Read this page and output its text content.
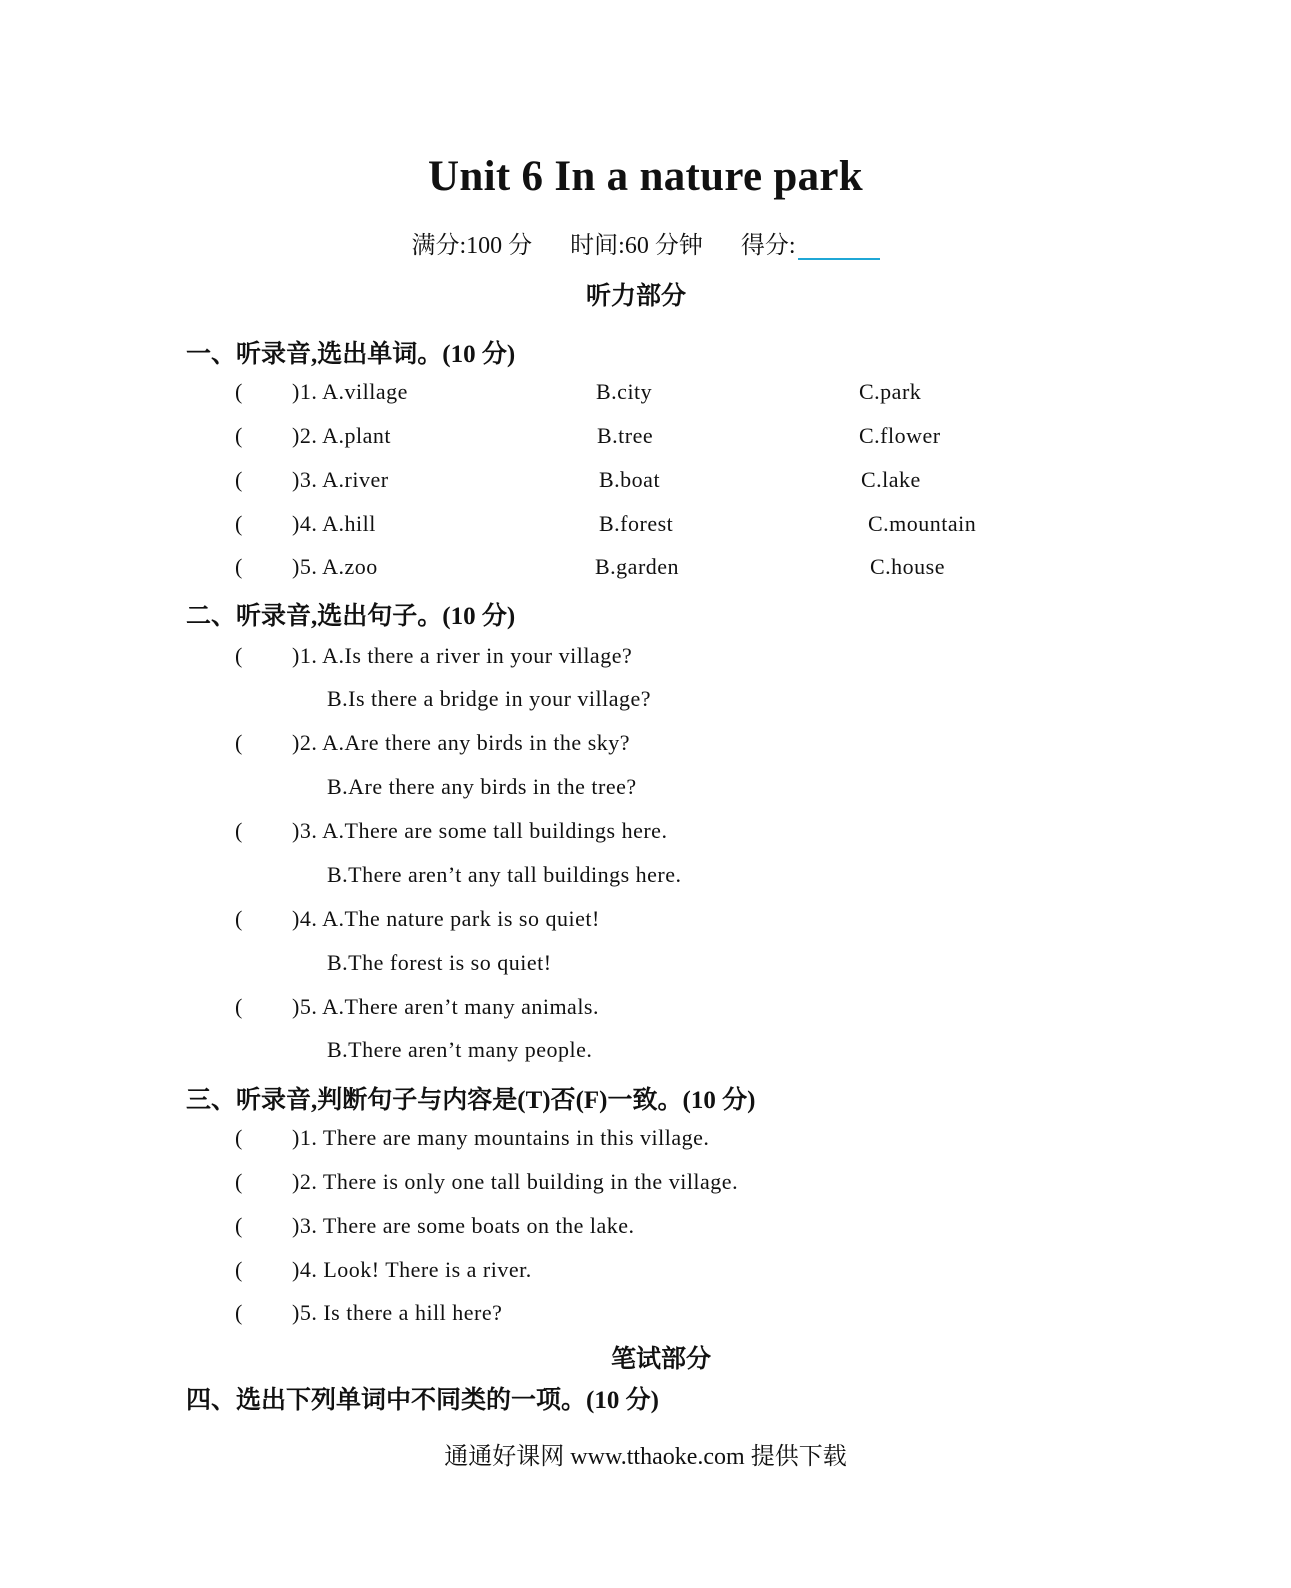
Unit 6 In a nature park
满分:100 分 时间:60 分钟 得分:
听力部分
一、听录音,选出单词。(10 分)
( )1. A.village	B.city	C.park
( )2. A.plant	B.tree	C.flower
( )3. A.river	B.boat	C.lake
( )4. A.hill	B.forest	C.mountain
( )5. A.zoo	B.garden	C.house
二、听录音,选出句子。(10 分)
( )1. A.Is there a river in your village?
B.Is there a bridge in your village?
( )2. A.Are there any birds in the sky?
B.Are there any birds in the tree?
( )3. A.There are some tall buildings here.
B.There aren’t any tall buildings here.
( )4. A.The nature park is so quiet!
B.The forest is so quiet!
( )5. A.There aren’t many animals.
B.There aren’t many people.
三、听录音,判断句子与内容是(T)否(F)一致。(10 分)
( )1. There are many mountains in this village.
( )2. There is only one tall building in the village.
( )3. There are some boats on the lake.
( )4. Look! There is a river.
( )5. Is there a hill here?
笔试部分
四、选出下列单词中不同类的一项。(10 分)
通通好课网 www.tthaoke.com 提供下载
